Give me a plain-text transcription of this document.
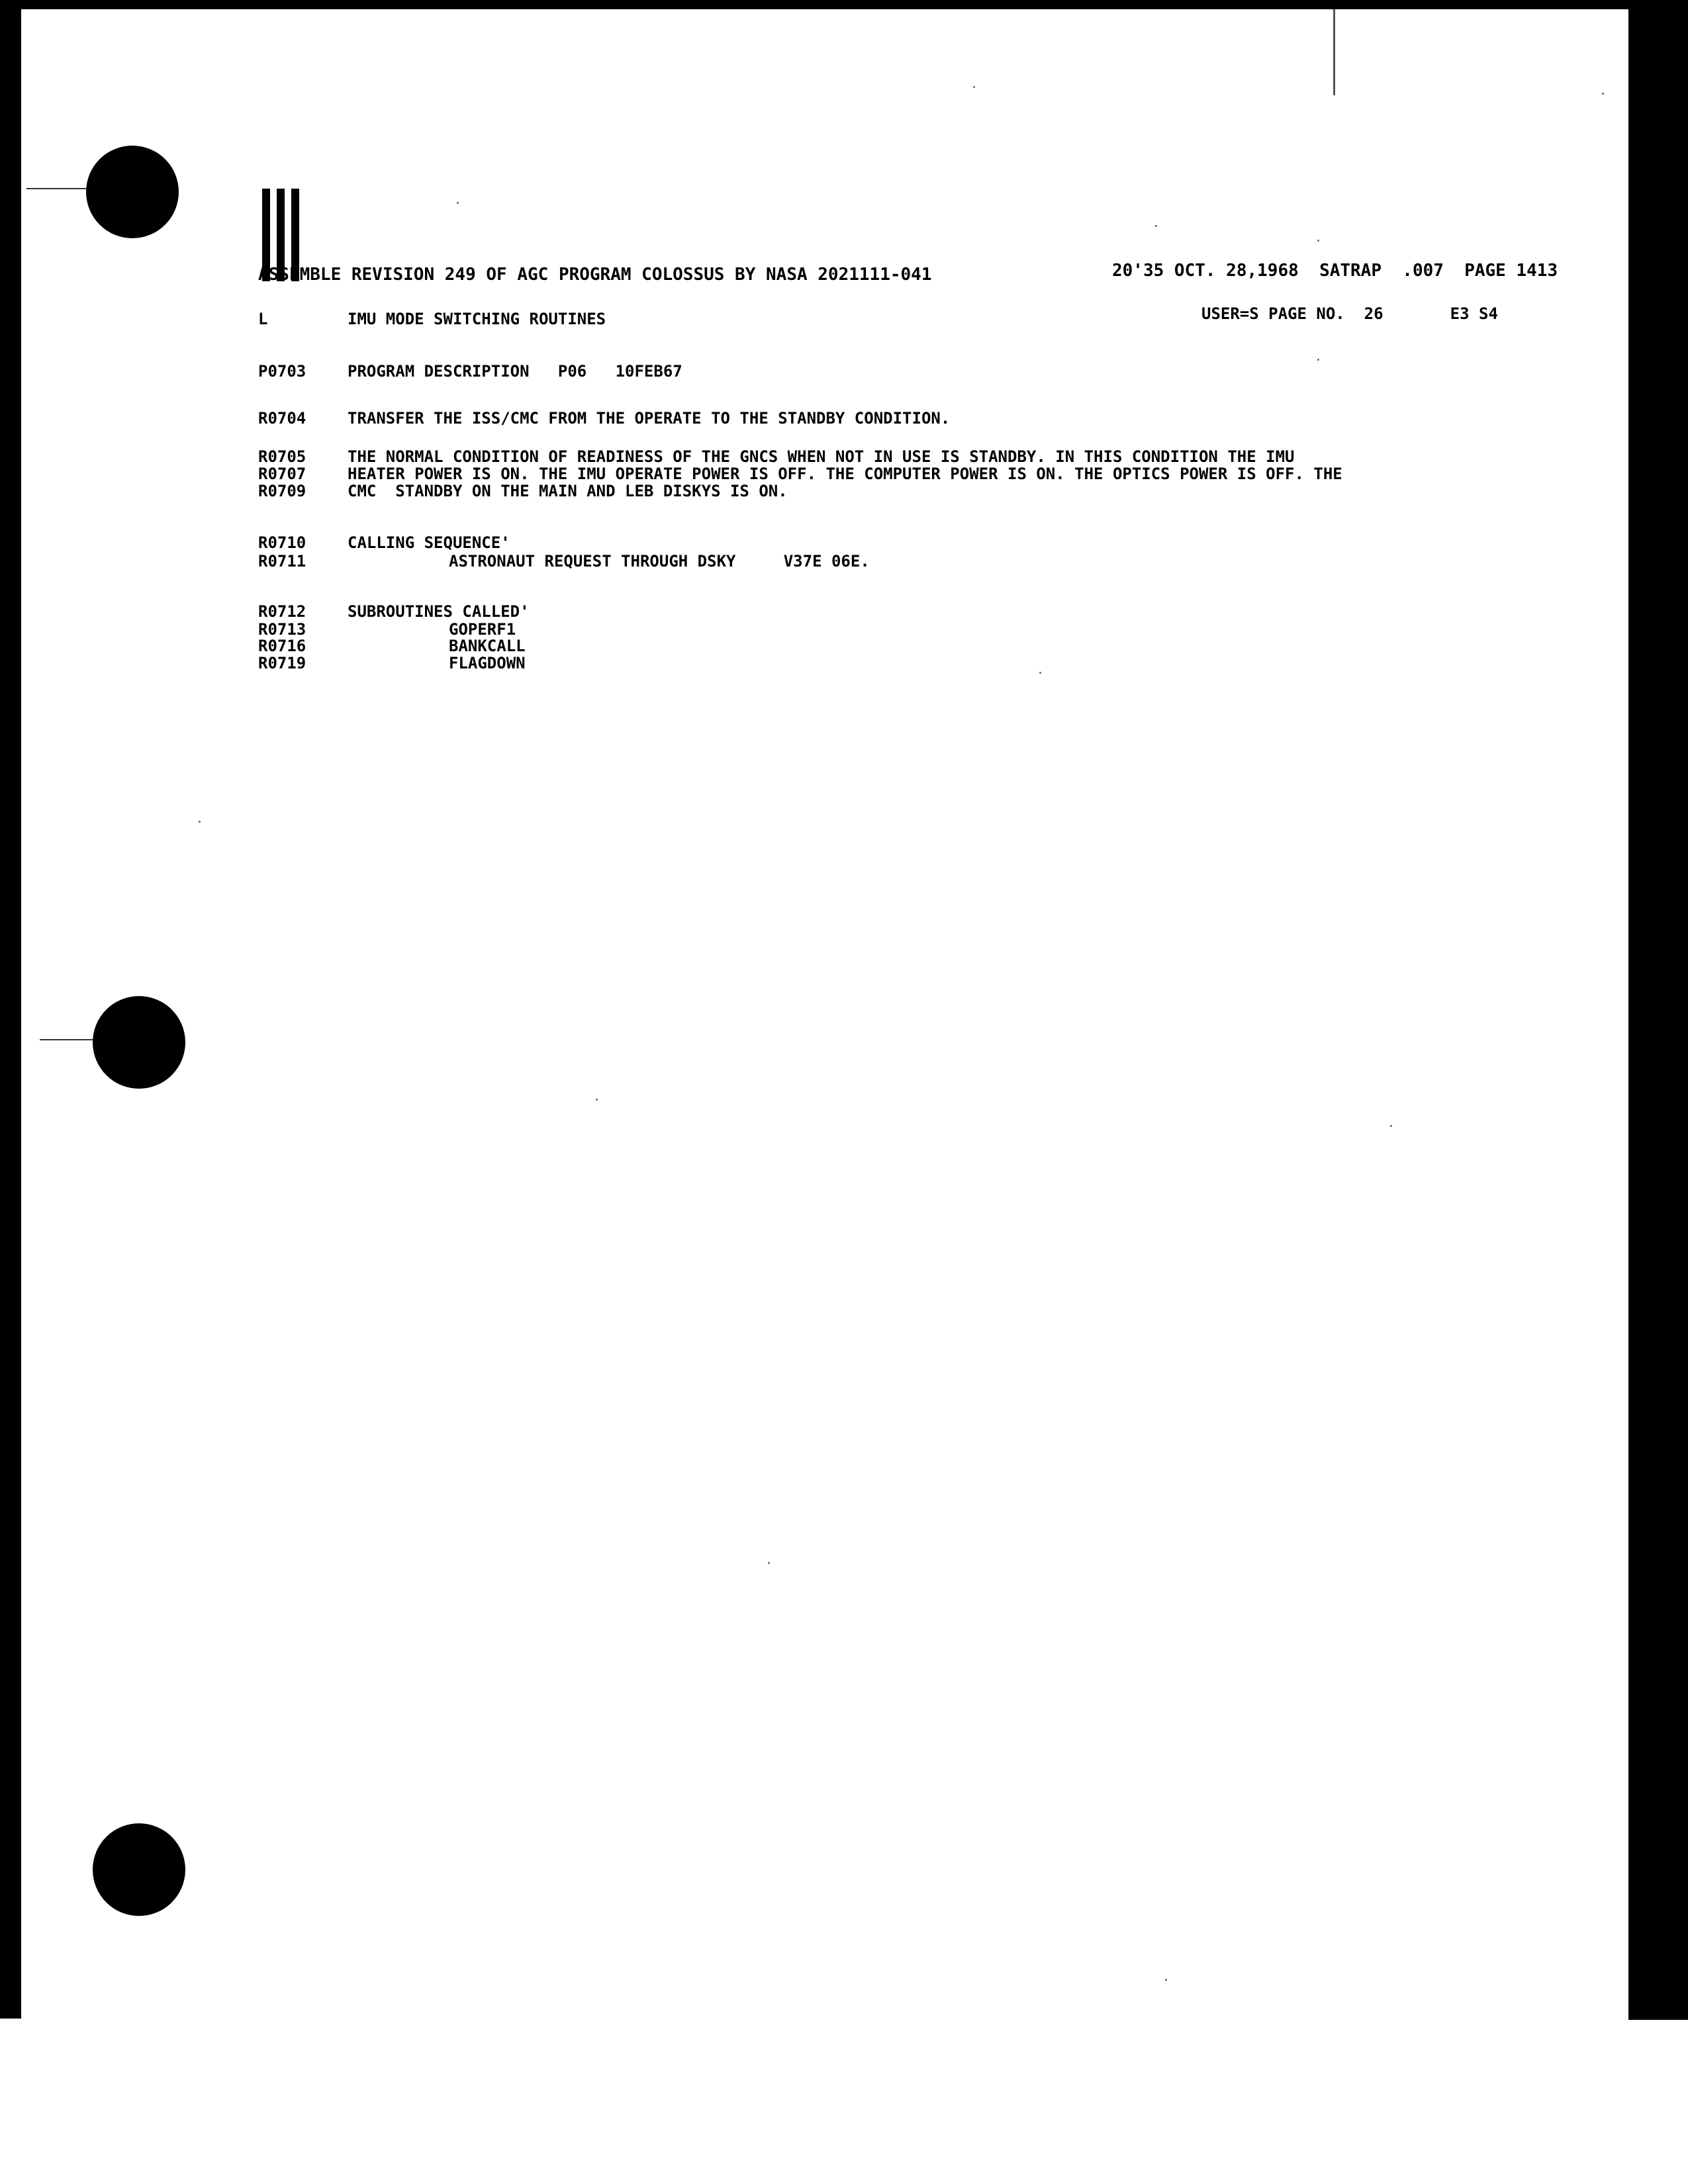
ASSEMBLE REVISION 249 OF AGC PROGRAM COLOSSUS BY NASA 2021111-041	20'35 OCT. 28,1968  SATRAP  .007  PAGE 1413
L	IMU MODE SWITCHING ROUTINES	USER=S PAGE NO.  26       E3 S4
P0703	PROGRAM DESCRIPTION   P06   10FEB67
R0704	TRANSFER THE ISS/CMC FROM THE OPERATE TO THE STANDBY CONDITION.
R0705	THE NORMAL CONDITION OF READINESS OF THE GNCS WHEN NOT IN USE IS STANDBY. IN THIS CONDITION THE IMU
R0707	HEATER POWER IS ON. THE IMU OPERATE POWER IS OFF. THE COMPUTER POWER IS ON. THE OPTICS POWER IS OFF. THE
R0709	CMC  STANDBY ON THE MAIN AND LEB DISKYS IS ON.
R0710	CALLING SEQUENCE'
R0711	ASTRONAUT REQUEST THROUGH DSKY     V37E 06E.
R0712	SUBROUTINES CALLED'
R0713	GOPERF1
R0716	BANKCALL
R0719	FLAGDOWN
